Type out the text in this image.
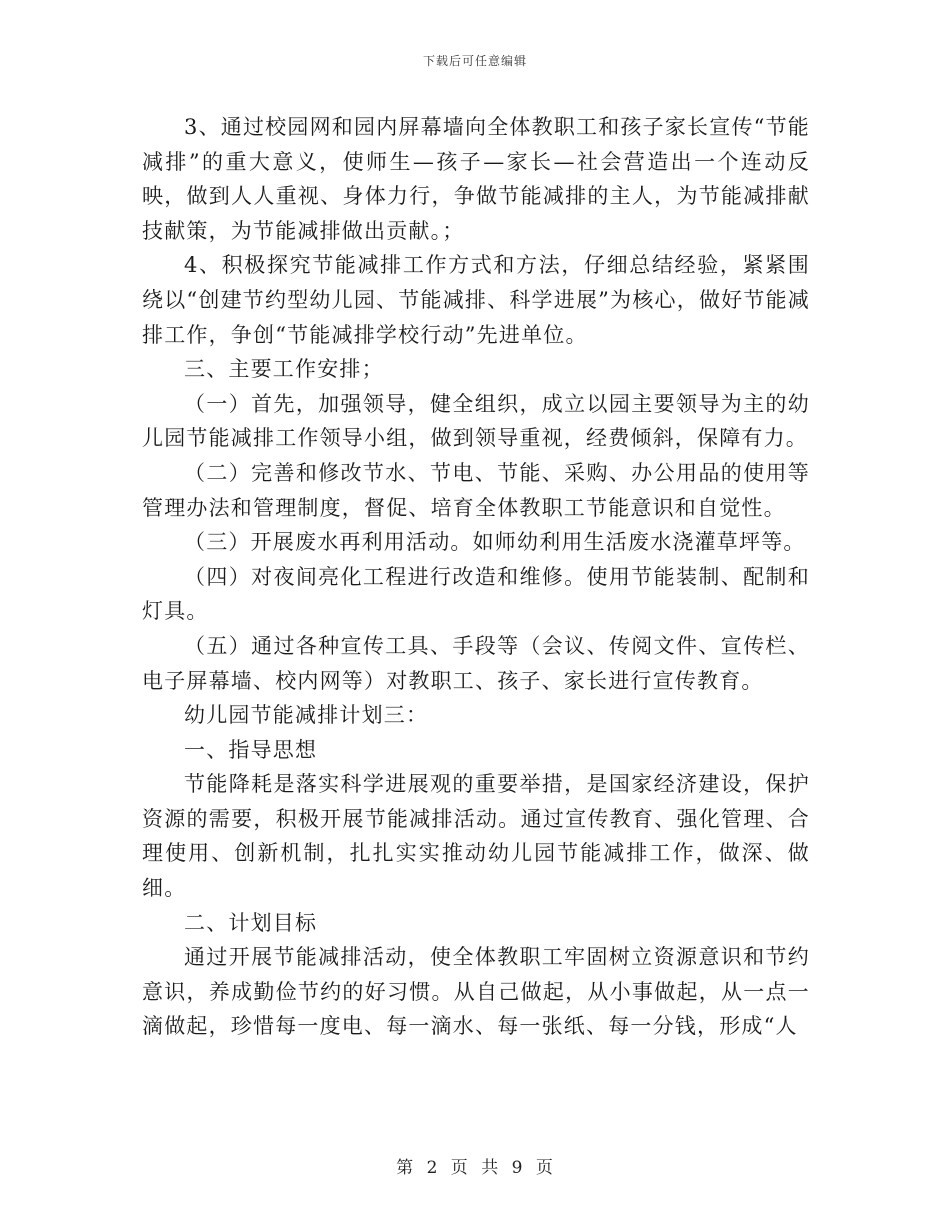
下载后可任意编辑

3、通过校园网和园内屏幕墙向全体教职工和孩子家长宣传“节能减排”的重大意义，使师生—孩子—家长—社会营造出一个连动反映，做到人人重视、身体力行，争做节能减排的主人，为节能减排献技献策，为节能减排做出贡献。；

4、积极探究节能减排工作方式和方法，仔细总结经验，紧紧围绕以“创建节约型幼儿园、节能减排、科学进展”为核心，做好节能减排工作，争创“节能减排学校行动”先进单位。

三、主要工作安排；

（一）首先，加强领导，健全组织，成立以园主要领导为主的幼儿园节能减排工作领导小组，做到领导重视，经费倾斜，保障有力。

（二）完善和修改节水、节电、节能、采购、办公用品的使用等管理办法和管理制度，督促、培育全体教职工节能意识和自觉性。

（三）开展废水再利用活动。如师幼利用生活废水浇灌草坪等。

（四）对夜间亮化工程进行改造和维修。使用节能装制、配制和灯具。

（五）通过各种宣传工具、手段等（会议、传阅文件、宣传栏、电子屏幕墙、校内网等）对教职工、孩子、家长进行宣传教育。

幼儿园节能减排计划三：

一、指导思想

节能降耗是落实科学进展观的重要举措，是国家经济建设，保护资源的需要，积极开展节能减排活动。通过宣传教育、强化管理、合理使用、创新机制，扎扎实实推动幼儿园节能减排工作，做深、做细。

二、计划目标

通过开展节能减排活动，使全体教职工牢固树立资源意识和节约意识，养成勤俭节约的好习惯。从自己做起，从小事做起，从一点一滴做起，珍惜每一度电、每一滴水、每一张纸、每一分钱，形成“人

第 2 页 共 9 页
